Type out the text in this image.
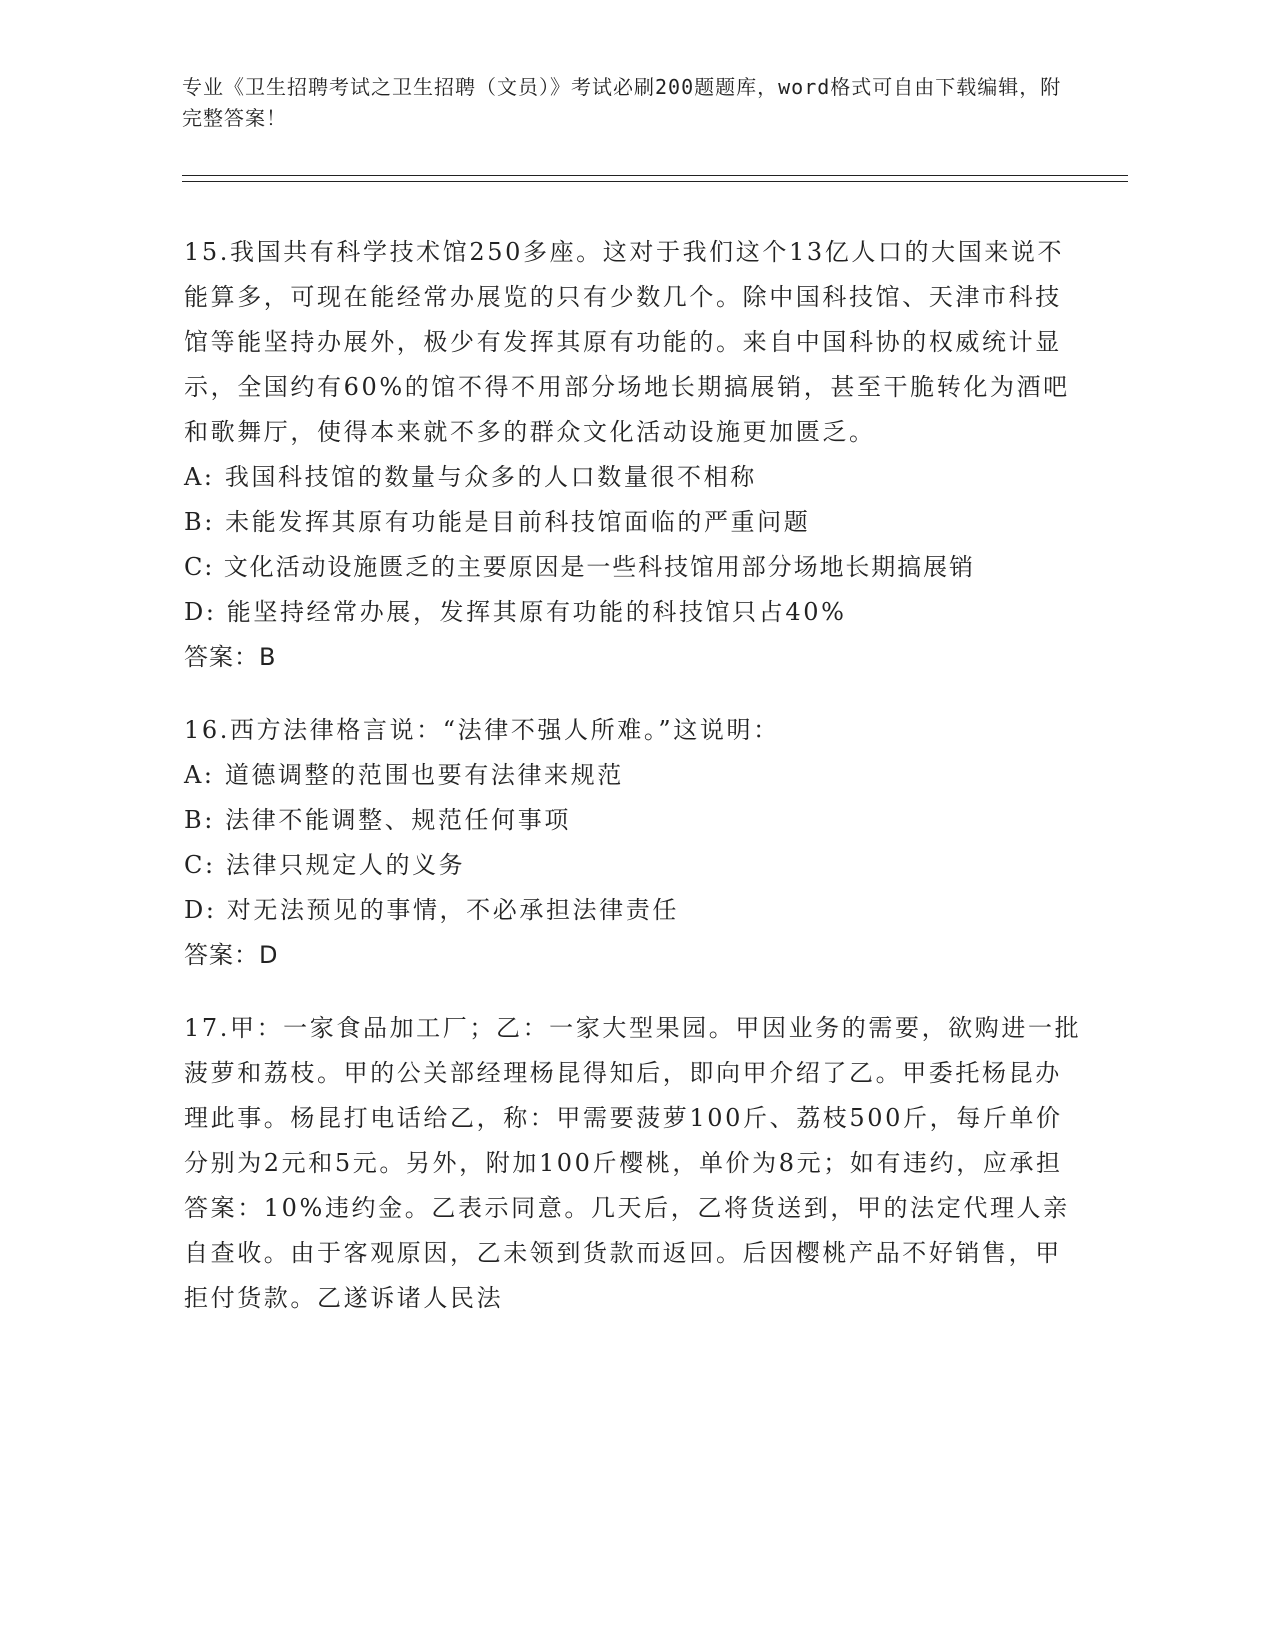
专业《卫生招聘考试之卫生招聘（文员）》考试必刷200题题库，word格式可自由下载编辑，附完整答案！

15.我国共有科学技术馆250多座。这对于我们这个13亿人口的大国来说不能算多，可现在能经常办展览的只有少数几个。除中国科技馆、天津市科技馆等能坚持办展外，极少有发挥其原有功能的。来自中国科协的权威统计显示，全国约有60%的馆不得不用部分场地长期搞展销，甚至干脆转化为酒吧和歌舞厅，使得本来就不多的群众文化活动设施更加匮乏。

A: 我国科技馆的数量与众多的人口数量很不相称

B: 未能发挥其原有功能是目前科技馆面临的严重问题

C: 文化活动设施匮乏的主要原因是一些科技馆用部分场地长期搞展销

D: 能坚持经常办展，发挥其原有功能的科技馆只占40%

答案：B

16.西方法律格言说：“法律不强人所难。”这说明：

A: 道德调整的范围也要有法律来规范

B: 法律不能调整、规范任何事项

C: 法律只规定人的义务

D: 对无法预见的事情，不必承担法律责任

答案：D

17.甲：一家食品加工厂；乙：一家大型果园。甲因业务的需要，欲购进一批菠萝和荔枝。甲的公关部经理杨昆得知后，即向甲介绍了乙。甲委托杨昆办理此事。杨昆打电话给乙，称：甲需要菠萝100斤、荔枝500斤，每斤单价分别为2元和5元。另外，附加100斤樱桃，单价为8元；如有违约，应承担答案：10%违约金。乙表示同意。几天后，乙将货送到，甲的法定代理人亲自查收。由于客观原因，乙未领到货款而返回。后因樱桃产品不好销售，甲拒付货款。乙遂诉诸人民法
